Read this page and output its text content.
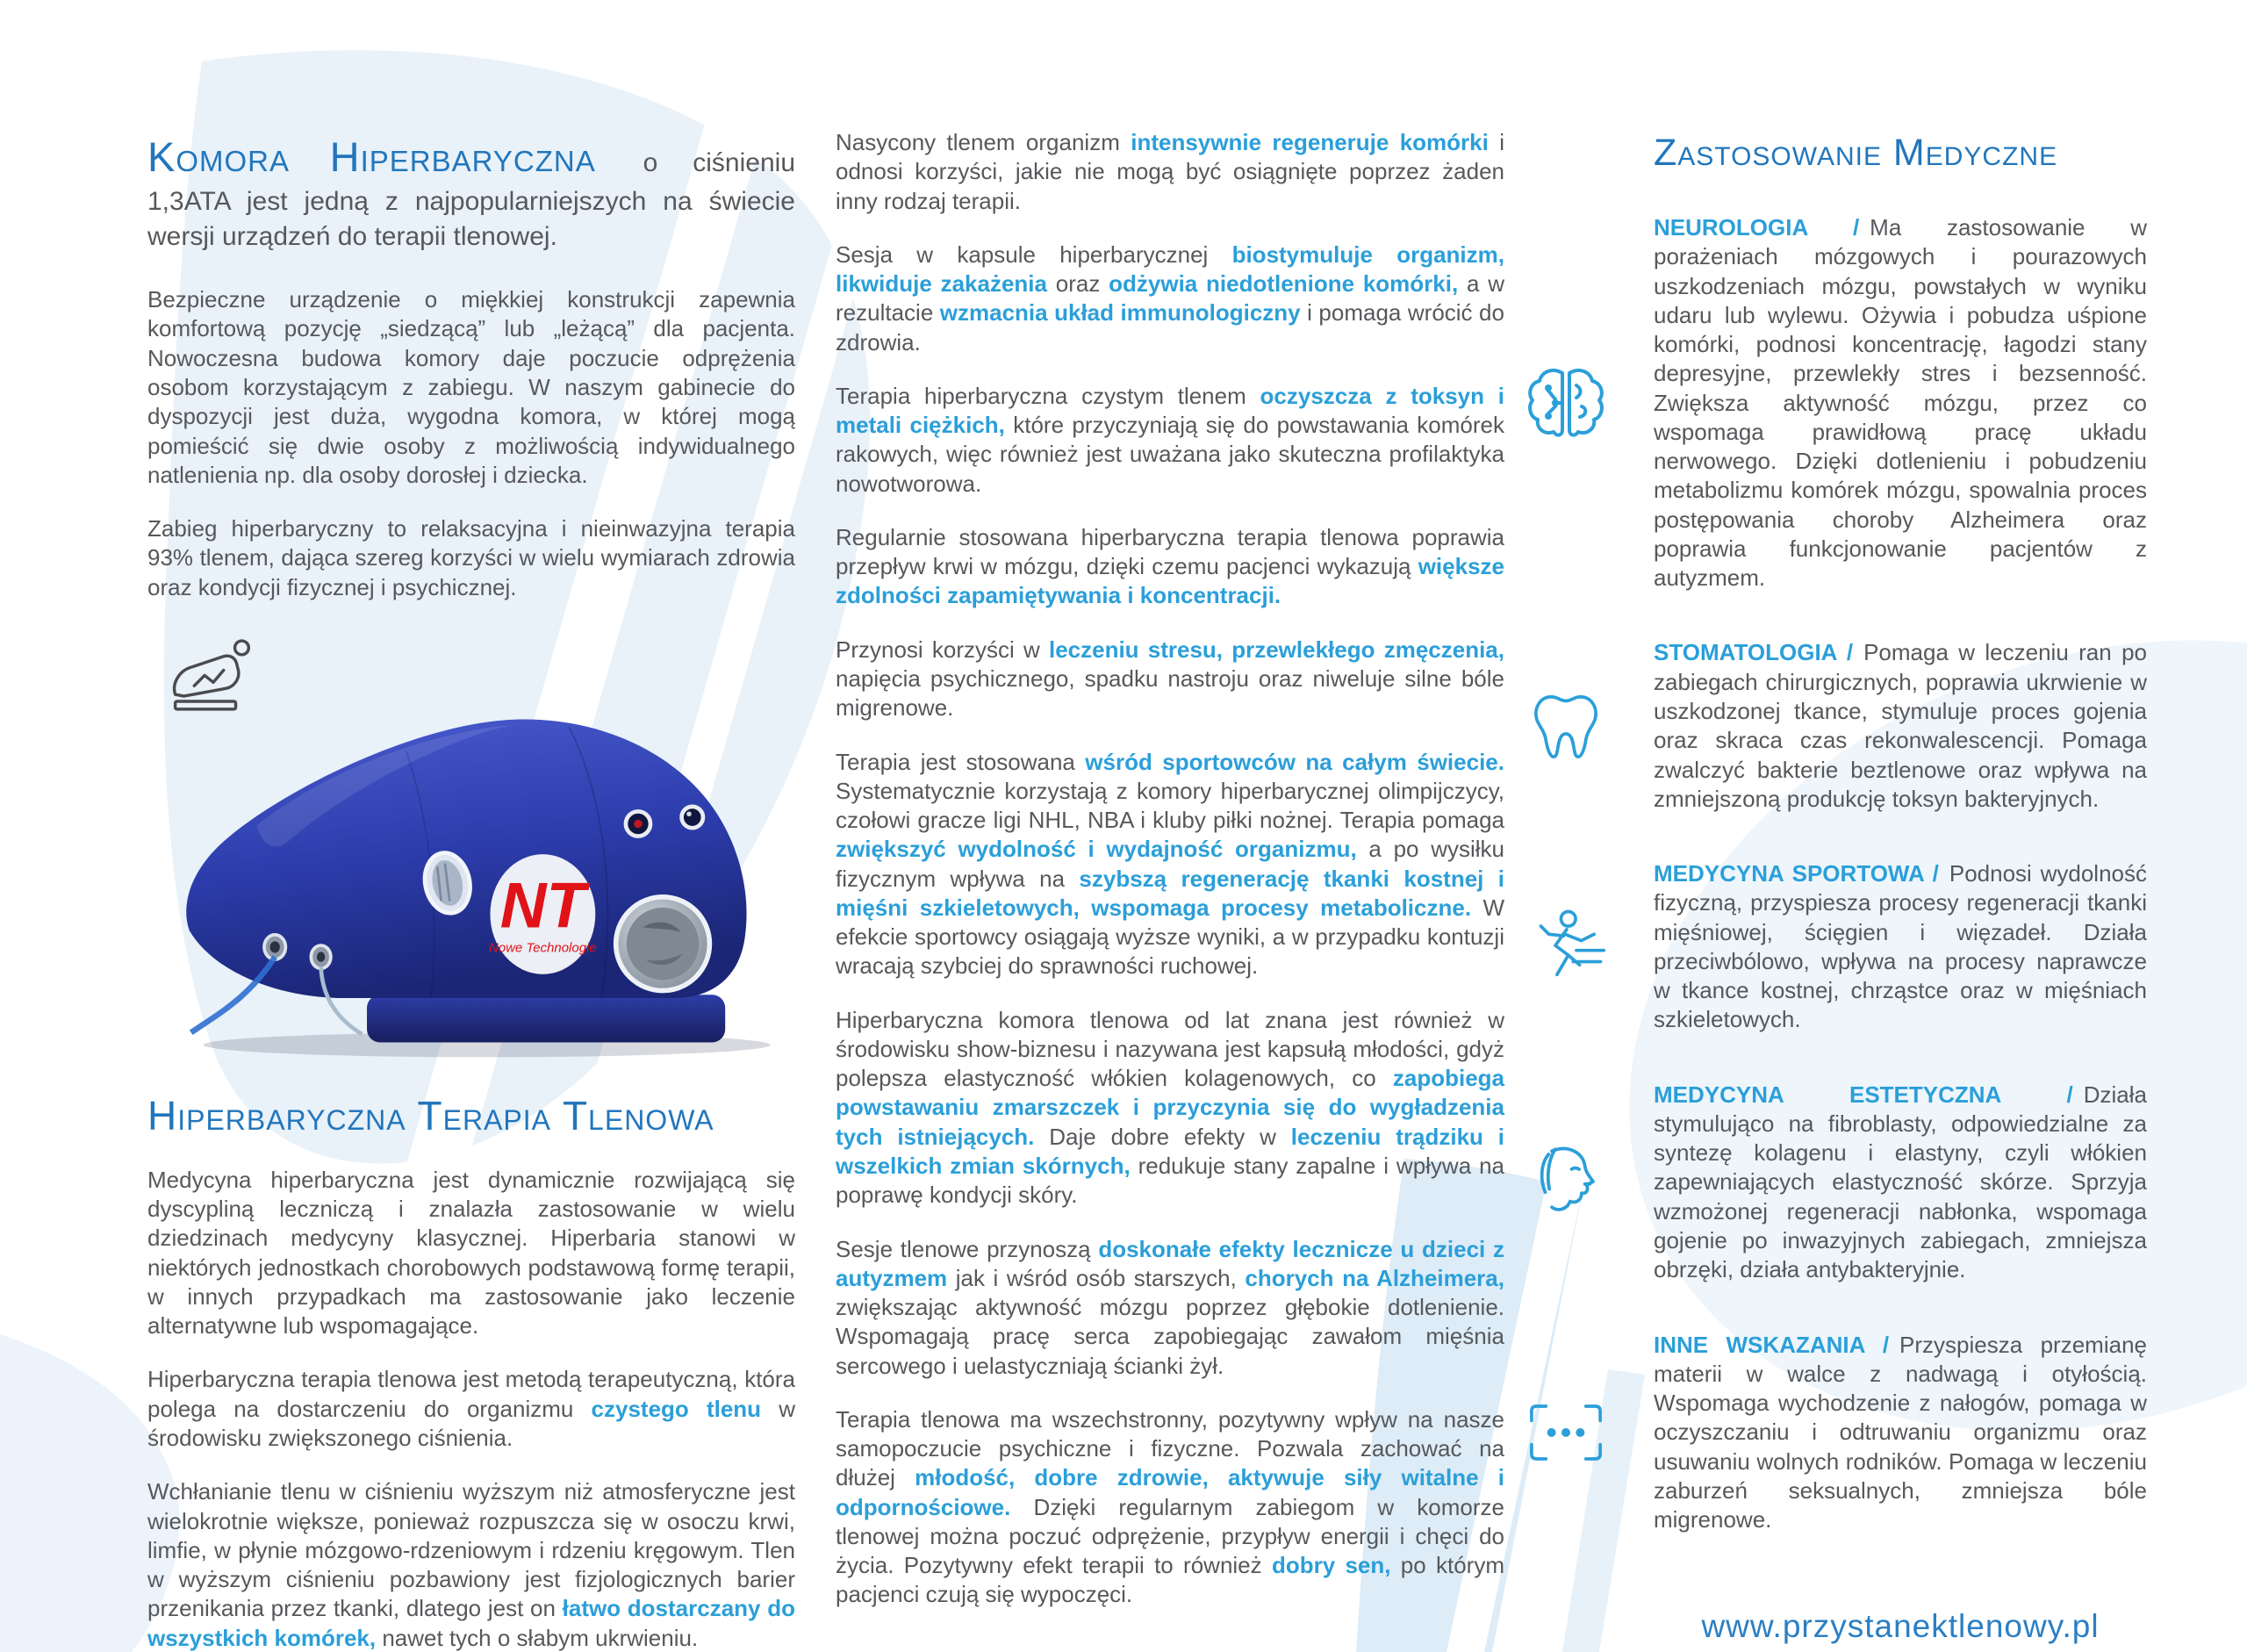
Komora Hiperbaryczna o ciśnieniu 1,3ATA jest jedną z najpopularniejszych na świecie wersji urządzeń do terapii tlenowej.

Bezpieczne urządzenie o miękkiej konstrukcji zapewnia komfortową pozycję „siedzącą” lub „leżącą” dla pacjenta. Nowoczesna budowa komory daje poczucie odprężenia osobom korzystającym z zabiegu. W naszym gabinecie do dyspozycji jest duża, wygodna komora, w której mogą pomieścić się dwie osoby z możliwością indywidualnego natlenienia np. dla osoby dorosłej i dziecka.

Zabieg hiperbaryczny to relaksacyjna i nieinwazyjna terapia 93% tlenem, dająca szereg korzyści w wielu wymiarach zdrowia oraz kondycji fizycznej i psychicznej.

NT
Nowe Technologie
Hiperbaryczna Terapia Tlenowa

Medycyna hiperbaryczna jest dynamicznie rozwijającą się dyscypliną leczniczą i znalazła zastosowanie w wielu dziedzinach medycyny klasycznej. Hiperbaria stanowi w niektórych jednostkach chorobowych podstawową formę terapii, w innych przypadkach ma zastosowanie jako leczenie alternatywne lub wspomagające.

Hiperbaryczna terapia tlenowa jest metodą terapeutyczną, która polega na dostarczeniu do organizmu czystego tlenu w środowisku zwiększonego ciśnienia.

Wchłanianie tlenu w ciśnieniu wyższym niż atmosferyczne jest wielokrotnie większe, ponieważ rozpuszcza się w osoczu krwi, limfie, w płynie mózgowo-rdzeniowym i rdzeniu kręgowym. Tlen w wyższym ciśnieniu pozbawiony jest fizjologicznych barier przenikania przez tkanki, dlatego jest on łatwo dostarczany do wszystkich komórek, nawet tych o słabym ukrwieniu.

Nasycony tlenem organizm intensywnie regeneruje komórki i odnosi korzyści, jakie nie mogą być osiągnięte poprzez żaden inny rodzaj terapii.

Sesja w kapsule hiperbarycznej biostymuluje organizm, likwiduje zakażenia oraz odżywia niedotlenione komórki, a w rezultacie wzmacnia układ immunologiczny i pomaga wrócić do zdrowia.

Terapia hiperbaryczna czystym tlenem oczyszcza z toksyn i metali ciężkich, które przyczyniają się do powstawania komórek rakowych, więc również jest uważana jako skuteczna profilaktyka nowotworowa.

Regularnie stosowana hiperbaryczna terapia tlenowa poprawia przepływ krwi w mózgu, dzięki czemu pacjenci wykazują większe zdolności zapamiętywania i koncentracji.

Przynosi korzyści w leczeniu stresu, przewlekłego zmęczenia, napięcia psychicznego, spadku nastroju oraz niweluje silne bóle migrenowe.

Terapia jest stosowana wśród sportowców na całym świecie. Systematycznie korzystają z komory hiperbarycznej olimpijczycy, czołowi gracze ligi NHL, NBA i kluby piłki nożnej. Terapia pomaga zwiększyć wydolność i wydajność organizmu, a po wysiłku fizycznym wpływa na szybszą regenerację tkanki kostnej i mięśni szkieletowych, wspomaga procesy metaboliczne. W efekcie sportowcy osiągają wyższe wyniki, a w przypadku kontuzji wracają szybciej do sprawności ruchowej.

Hiperbaryczna komora tlenowa od lat znana jest również w środowisku show-biznesu i nazywana jest kapsułą młodości, gdyż polepsza elastyczność włókien kolagenowych, co zapobiega powstawaniu zmarszczek i przyczynia się do wygładzenia tych istniejących. Daje dobre efekty w leczeniu trądziku i wszelkich zmian skórnych, redukuje stany zapalne i wpływa na poprawę kondycji skóry.

Sesje tlenowe przynoszą doskonałe efekty lecznicze u dzieci z autyzmem jak i wśród osób starszych, chorych na Alzheimera, zwiększając aktywność mózgu poprzez głębokie dotlenienie. Wspomagają pracę serca zapobiegając zawałom mięśnia sercowego i uelastyczniają ścianki żył.

Terapia tlenowa ma wszechstronny, pozytywny wpływ na nasze samopoczucie psychiczne i fizyczne. Pozwala zachować na dłużej młodość, dobre zdrowie, aktywuje siły witalne i odpornościowe. Dzięki regularnym zabiegom w komorze tlenowej można poczuć odprężenie, przypływ energii i chęci do życia. Pozytywny efekt terapii to również dobry sen, po którym pacjenci czują się wypoczęci.

Zastosowanie Medyczne

NEUROLOGIA / Ma zastosowanie w porażeniach mózgowych i pourazowych uszkodzeniach mózgu, powstałych w wyniku udaru lub wylewu. Ożywia i pobudza uśpione komórki, podnosi koncentrację, łagodzi stany depresyjne, przewlekły stres i bezsenność. Zwiększa aktywność mózgu, przez co wspomaga prawidłową pracę układu nerwowego. Dzięki dotlenieniu i pobudzeniu metabolizmu komórek mózgu, spowalnia proces postępowania choroby Alzheimera oraz poprawia funkcjonowanie pacjentów z autyzmem.

STOMATOLOGIA / Pomaga w leczeniu ran po zabiegach chirurgicznych, poprawia ukrwienie w uszkodzonej tkance, stymuluje proces gojenia oraz skraca czas rekonwalescencji. Pomaga zwalczyć bakterie beztlenowe oraz wpływa na zmniejszoną produkcję toksyn bakteryjnych.

MEDYCYNA SPORTOWA / Podnosi wydolność fizyczną, przyspiesza procesy regeneracji tkanki mięśniowej, ścięgien i więzadeł. Działa przeciwbólowo, wpływa na procesy naprawcze w tkance kostnej, chrząstce oraz w mięśniach szkieletowych.

MEDYCYNA ESTETYCZNA / Działa stymulująco na fibroblasty, odpowiedzialne za syntezę kolagenu i elastyny, czyli włókien zapewniających elastyczność skórze. Sprzyja wzmożonej regeneracji nabłonka, wspomaga gojenie po inwazyjnych zabiegach, zmniejsza obrzęki, działa antybakteryjnie.

INNE WSKAZANIA / Przyspiesza przemianę materii w walce z nadwagą i otyłością. Wspomaga wychodzenie z nałogów, pomaga w oczyszczaniu i odtruwaniu organizmu oraz usuwaniu wolnych rodników. Pomaga w leczeniu zaburzeń seksualnych, zmniejsza bóle migrenowe.

www.przystanektlenowy.pl
